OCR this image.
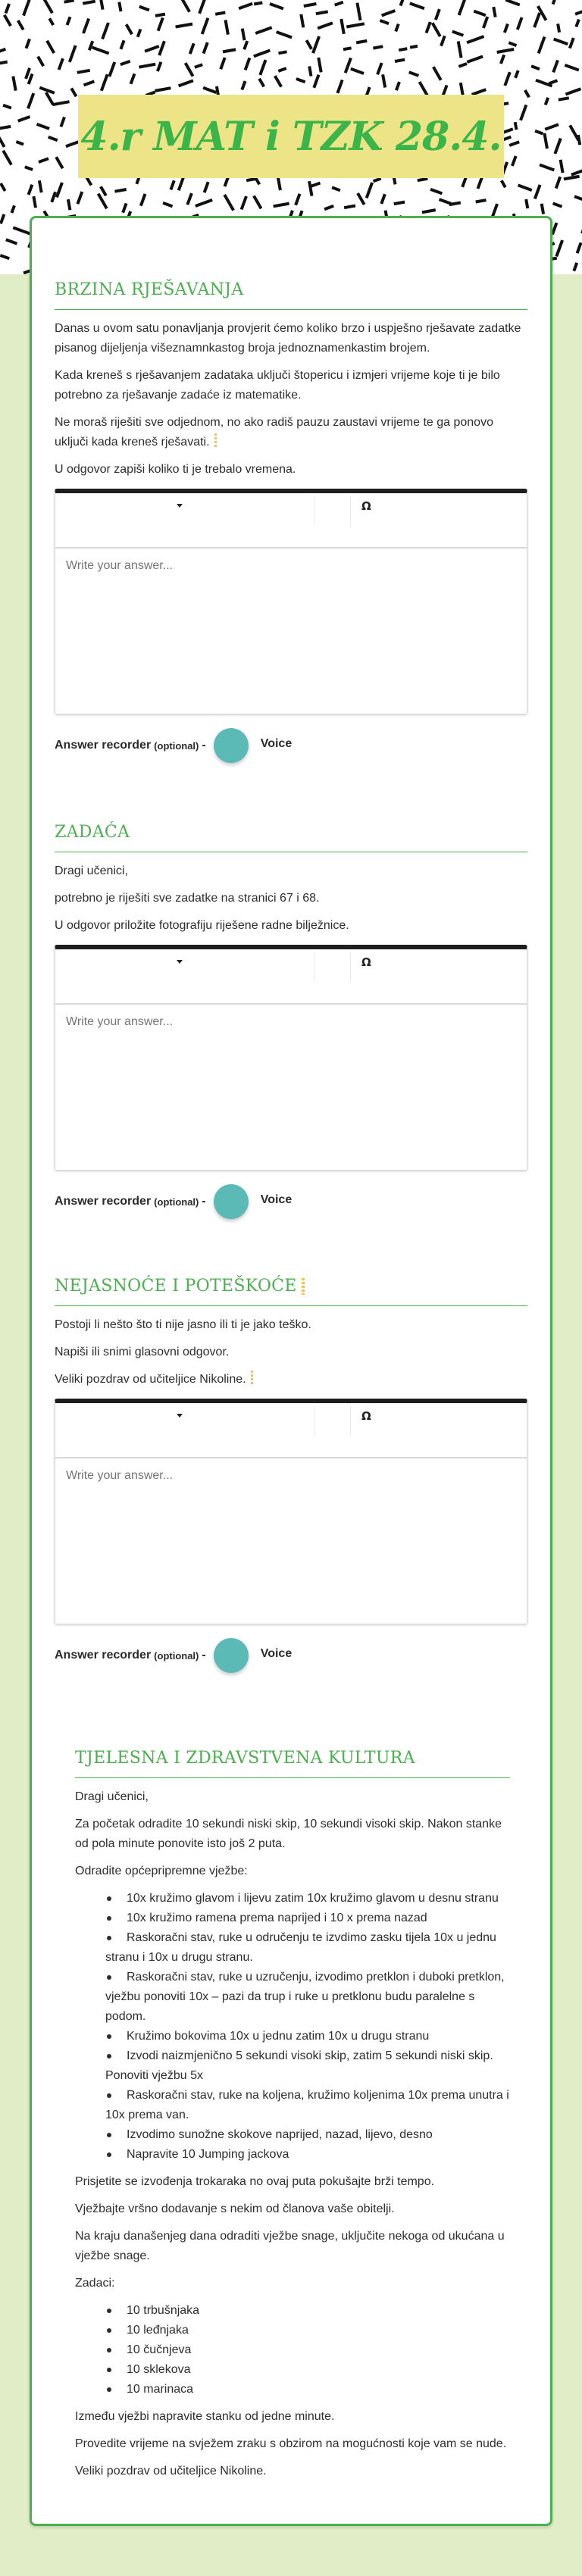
4.r MAT i TZK 28.4.
BRZINA RJEŠAVANJA

Danas u ovom satu ponavljanja provjerit ćemo koliko brzo i uspješno rješavate zadatke pisanog dijeljenja višeznamnkastog broja jednoznamenkastim brojem.

Kada kreneš s rješavanjem zadataka uključi štopericu i izmjeri vrijeme koje ti je bilo potrebno za rješavanje zadaće iz matematike.

Ne moraš riješiti sve odjednom, no ako radiš pauzu zaustavi vrijeme te ga ponovo uključi kada kreneš rješavati.

U odgovor zapiši koliko ti je trebalo vremena.

Ω
Write your answer...
Answer recorder (optional) -	Voice
ZADAĆA

Dragi učenici,

potrebno je riješiti sve zadatke na stranici 67 i 68.

U odgovor priložite fotografiju riješene radne bilježnice.

Ω
Write your answer...
Answer recorder (optional) -	Voice
NEJASNOĆE I POTEŠKOĆE

Postoji li nešto što ti nije jasno ili ti je jako teško.

Napiši ili snimi glasovni odgovor.

Veliki pozdrav od učiteljice Nikoline.

Ω
Write your answer...
Answer recorder (optional) -	Voice
TJELESNA I ZDRAVSTVENA KULTURA

Dragi učenici,

Za početak odradite 10 sekundi niski skip, 10 sekundi visoki skip. Nakon stanke od pola minute ponovite isto još 2 puta.

Odradite općepripremne vježbe:

10x kružimo glavom i lijevu zatim 10x kružimo glavom u desnu stranu
10x kružimo ramena prema naprijed i 10 x prema nazad
Raskoračni stav, ruke u odručenju te izvdimo zasku tijela 10x u jednu stranu i 10x u drugu stranu.
Raskoračni stav, ruke u uzručenju, izvodimo pretklon i duboki pretklon, vježbu ponoviti 10x – pazi da trup i ruke u pretklonu budu paralelne s podom.
Kružimo bokovima 10x u jednu zatim 10x u drugu stranu
Izvodi naizmjenično 5 sekundi visoki skip, zatim 5 sekundi niski skip. Ponoviti vježbu 5x
Raskoračni stav, ruke na koljena, kružimo koljenima 10x prema unutra i 10x prema van.
Izvodimo sunožne skokove naprijed, nazad, lijevo, desno
Napravite 10 Jumping jackova

Prisjetite se izvođenja trokaraka no ovaj puta pokušajte brži tempo.

Vježbajte vršno dodavanje s nekim od članova vaše obitelji.

Na kraju današenjeg dana odraditi vježbe snage, uključite nekoga od ukućana u vježbe snage.

Zadaci:

10 trbušnjaka
10 leđnjaka
10 čučnjeva
10 sklekova
10 marinaca

Između vježbi napravite stanku od jedne minute.

Provedite vrijeme na svježem zraku s obzirom na mogućnosti koje vam se nude.

Veliki pozdrav od učiteljice Nikoline.
